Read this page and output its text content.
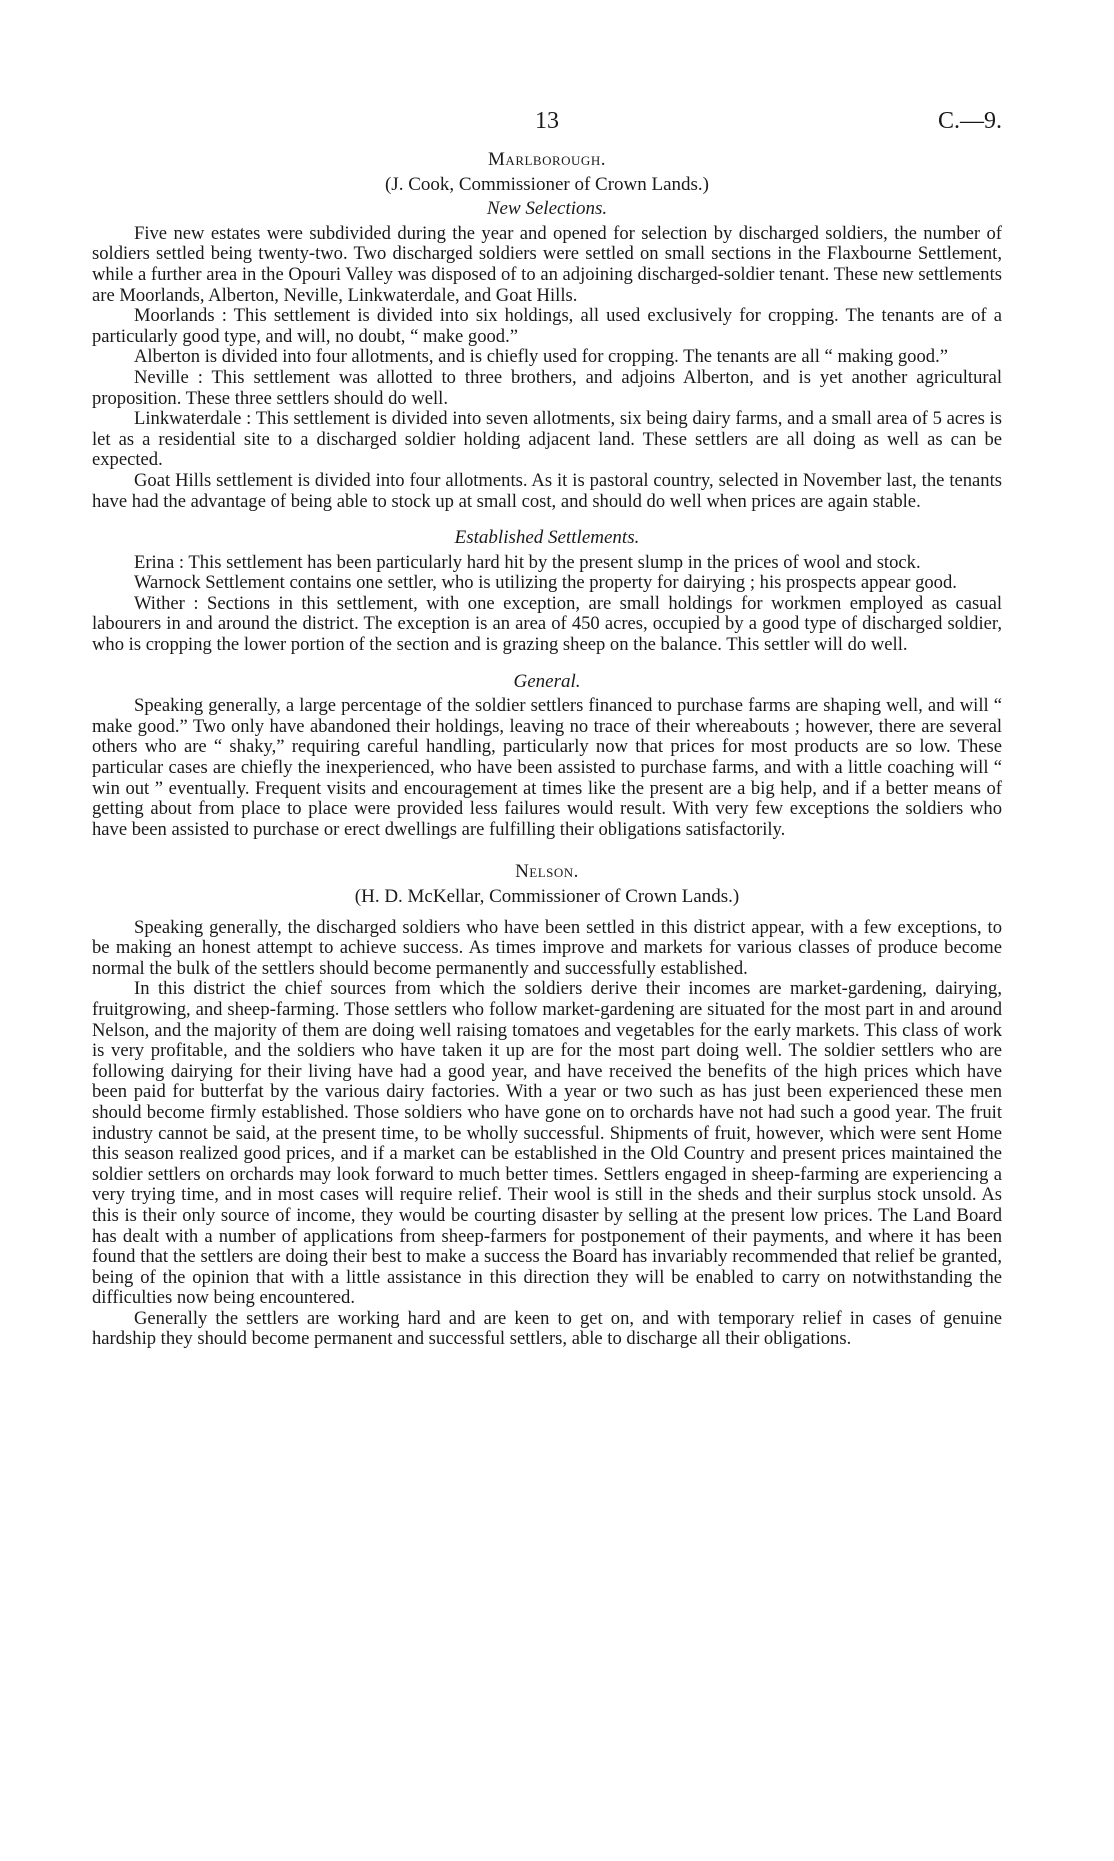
13	C.—9.
Marlborough.
(J. Cook, Commissioner of Crown Lands.)
New Selections.

Five new estates were subdivided during the year and opened for selection by discharged soldiers, the number of soldiers settled being twenty-two. Two discharged soldiers were settled on small sections in the Flaxbourne Settlement, while a further area in the Opouri Valley was disposed of to an adjoining discharged-soldier tenant. These new settlements are Moorlands, Alberton, Neville, Linkwaterdale, and Goat Hills.

Moorlands : This settlement is divided into six holdings, all used exclusively for cropping. The tenants are of a particularly good type, and will, no doubt, “ make good.”

Alberton is divided into four allotments, and is chiefly used for cropping. The tenants are all “ making good.”

Neville : This settlement was allotted to three brothers, and adjoins Alberton, and is yet another agricultural proposition. These three settlers should do well.

Linkwaterdale : This settlement is divided into seven allotments, six being dairy farms, and a small area of 5 acres is let as a residential site to a discharged soldier holding adjacent land. These settlers are all doing as well as can be expected.

Goat Hills settlement is divided into four allotments. As it is pastoral country, selected in November last, the tenants have had the advantage of being able to stock up at small cost, and should do well when prices are again stable.

Established Settlements.

Erina : This settlement has been particularly hard hit by the present slump in the prices of wool and stock.

Warnock Settlement contains one settler, who is utilizing the property for dairying ; his prospects appear good.

Wither : Sections in this settlement, with one exception, are small holdings for workmen employed as casual labourers in and around the district. The exception is an area of 450 acres, occupied by a good type of discharged soldier, who is cropping the lower portion of the section and is grazing sheep on the balance. This settler will do well.

General.

Speaking generally, a large percentage of the soldier settlers financed to purchase farms are shaping well, and will “ make good.” Two only have abandoned their holdings, leaving no trace of their whereabouts ; however, there are several others who are “ shaky,” requiring careful handling, particularly now that prices for most products are so low. These particular cases are chiefly the inexperienced, who have been assisted to purchase farms, and with a little coaching will “ win out ” eventually. Frequent visits and encouragement at times like the present are a big help, and if a better means of getting about from place to place were provided less failures would result. With very few exceptions the soldiers who have been assisted to purchase or erect dwellings are fulfilling their obligations satisfactorily.

Nelson.
(H. D. McKellar, Commissioner of Crown Lands.)

Speaking generally, the discharged soldiers who have been settled in this district appear, with a few exceptions, to be making an honest attempt to achieve success. As times improve and markets for various classes of produce become normal the bulk of the settlers should become permanently and successfully established.

In this district the chief sources from which the soldiers derive their incomes are market-gardening, dairying, fruitgrowing, and sheep-farming. Those settlers who follow market-gardening are situated for the most part in and around Nelson, and the majority of them are doing well raising tomatoes and vegetables for the early markets. This class of work is very profitable, and the soldiers who have taken it up are for the most part doing well. The soldier settlers who are following dairying for their living have had a good year, and have received the benefits of the high prices which have been paid for butterfat by the various dairy factories. With a year or two such as has just been experienced these men should become firmly established. Those soldiers who have gone on to orchards have not had such a good year. The fruit industry cannot be said, at the present time, to be wholly successful. Shipments of fruit, however, which were sent Home this season realized good prices, and if a market can be established in the Old Country and present prices maintained the soldier settlers on orchards may look forward to much better times. Settlers engaged in sheep-farming are experiencing a very trying time, and in most cases will require relief. Their wool is still in the sheds and their surplus stock unsold. As this is their only source of income, they would be courting disaster by selling at the present low prices. The Land Board has dealt with a number of applications from sheep-farmers for postponement of their payments, and where it has been found that the settlers are doing their best to make a success the Board has invariably recommended that relief be granted, being of the opinion that with a little assistance in this direction they will be enabled to carry on notwithstanding the difficulties now being encountered.

Generally the settlers are working hard and are keen to get on, and with temporary relief in cases of genuine hardship they should become permanent and successful settlers, able to discharge all their obligations.
